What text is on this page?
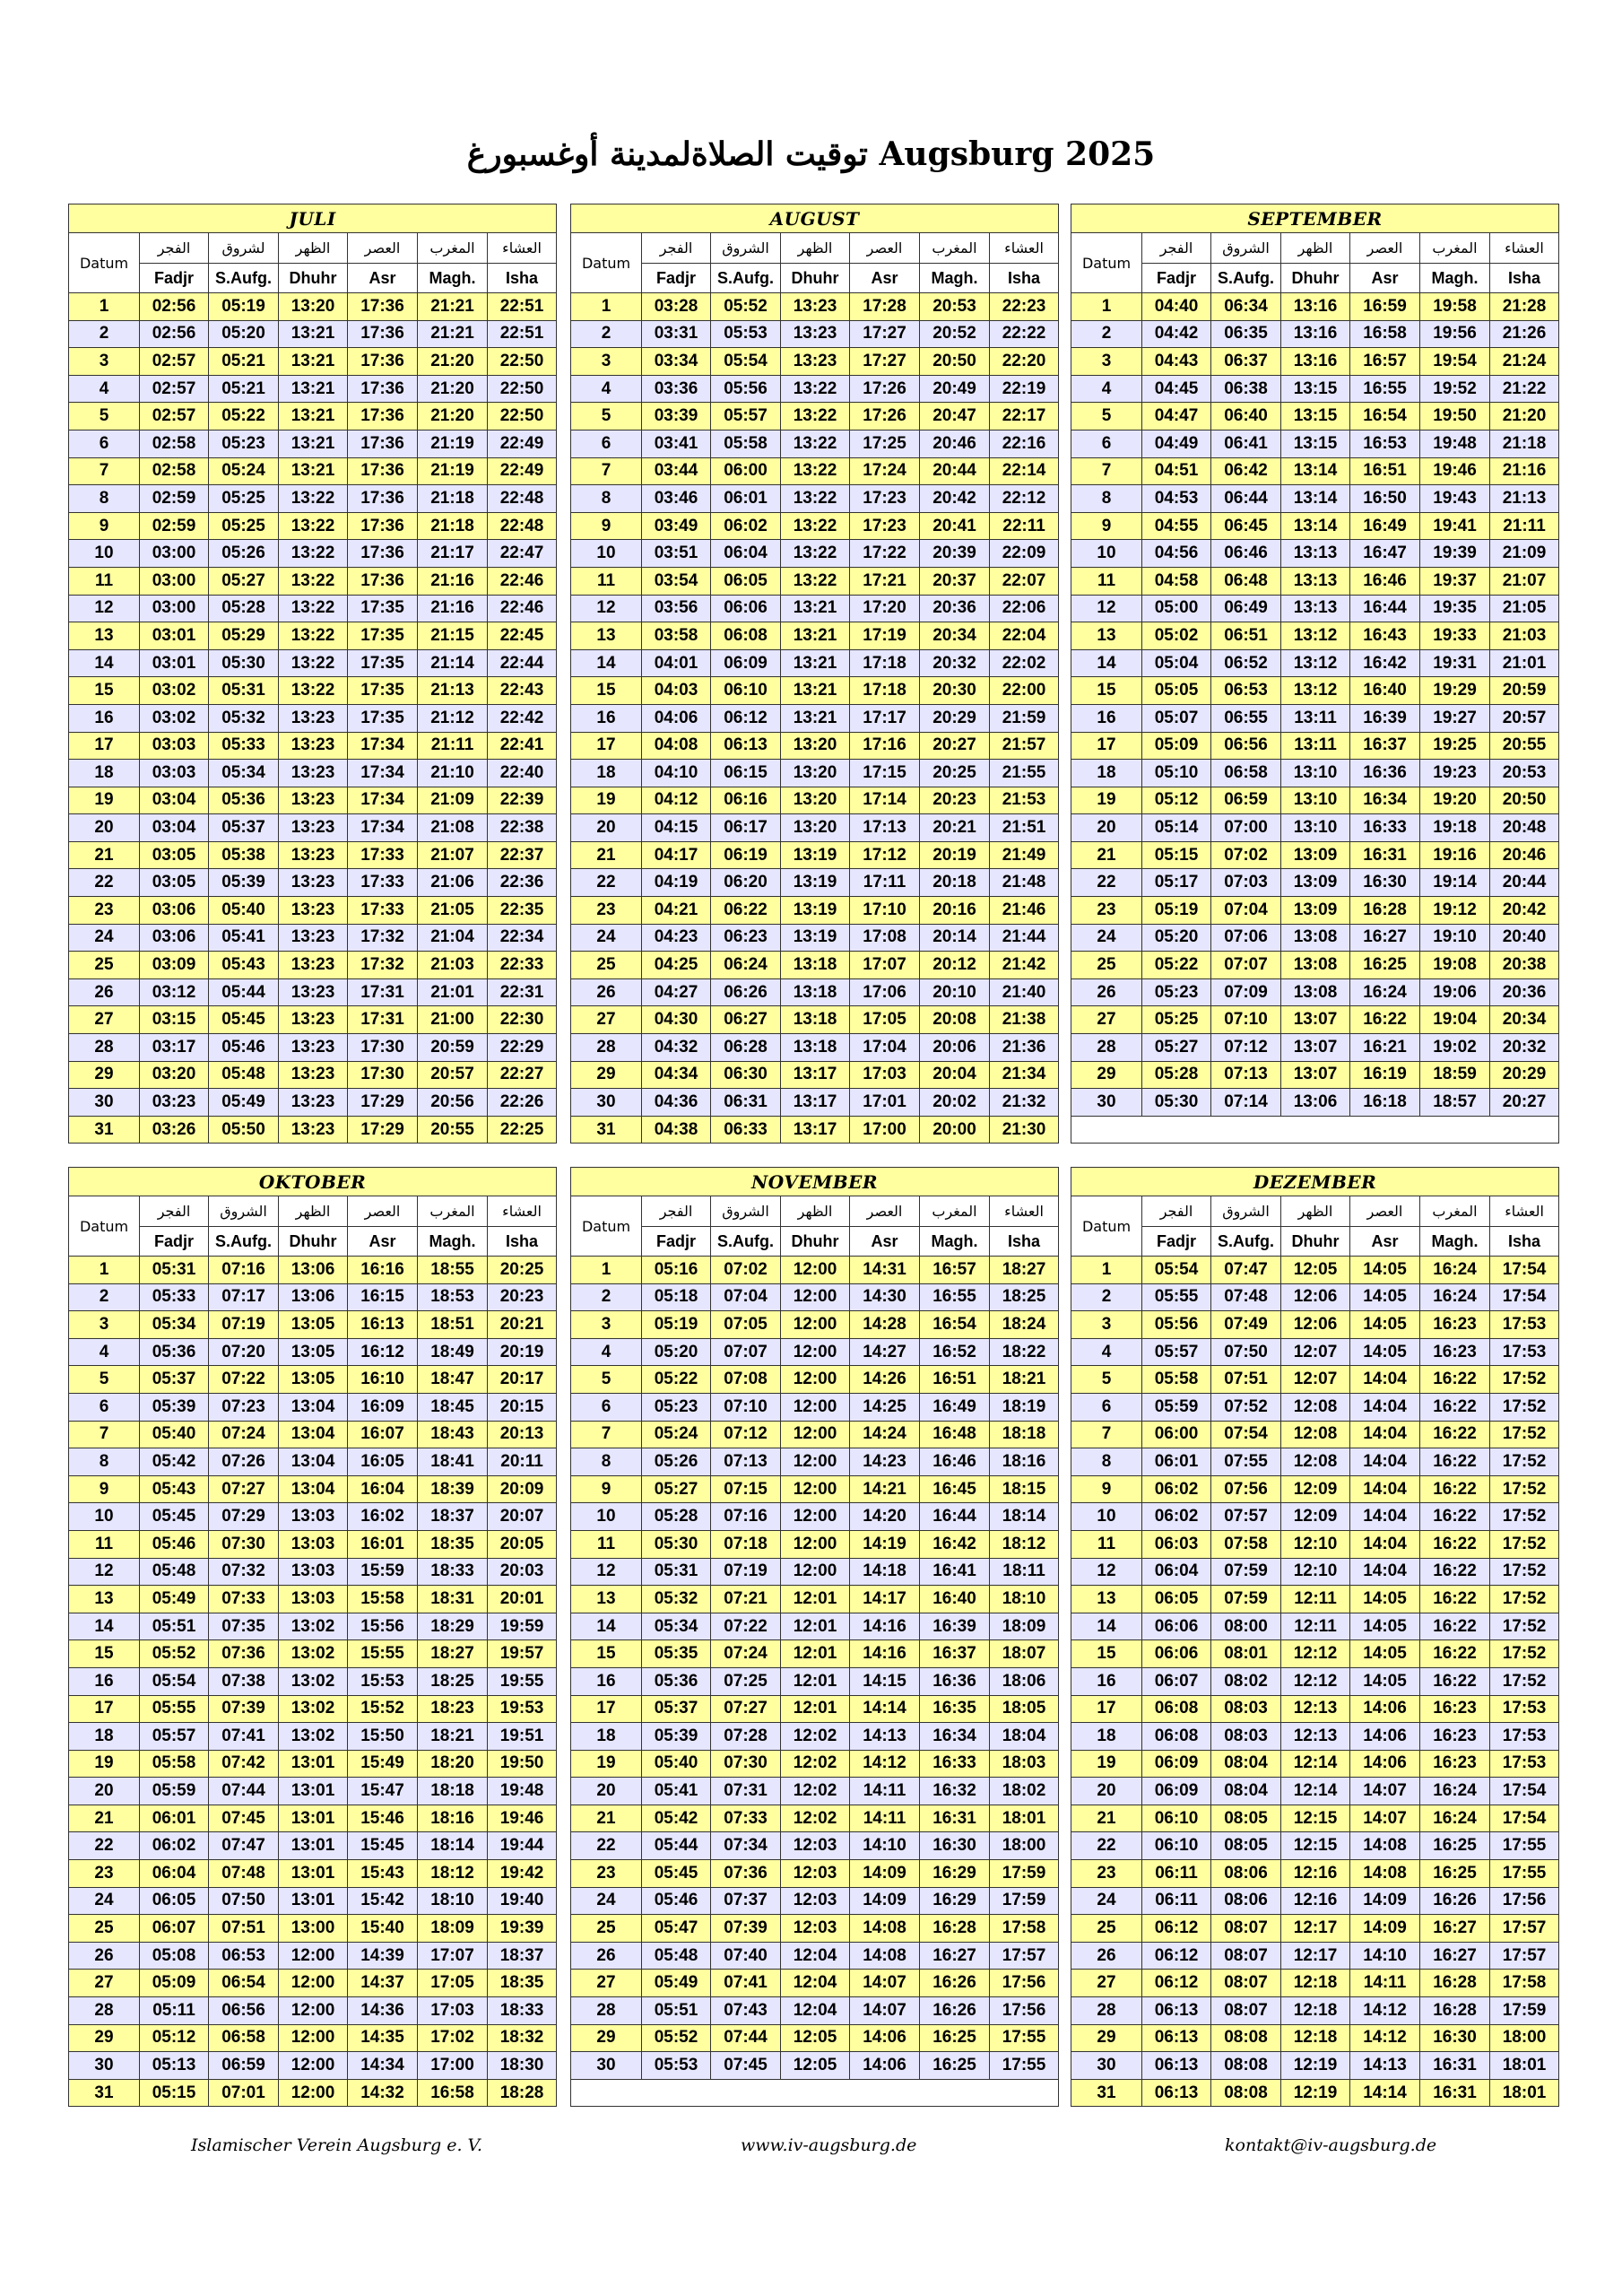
توقيت الصلاةلمدينة أوغسبورغ Augsburg 2025
JULI						
Datum	الفجر	لشروق	الظهر	العصر	المغرب	العشاء
	Fadjr	S.Aufg.	Dhuhr	Asr	Magh.	Isha
1	02:56	05:19	13:20	17:36	21:21	22:51
2	02:56	05:20	13:21	17:36	21:21	22:51
3	02:57	05:21	13:21	17:36	21:20	22:50
4	02:57	05:21	13:21	17:36	21:20	22:50
5	02:57	05:22	13:21	17:36	21:20	22:50
6	02:58	05:23	13:21	17:36	21:19	22:49
7	02:58	05:24	13:21	17:36	21:19	22:49
8	02:59	05:25	13:22	17:36	21:18	22:48
9	02:59	05:25	13:22	17:36	21:18	22:48
10	03:00	05:26	13:22	17:36	21:17	22:47
11	03:00	05:27	13:22	17:36	21:16	22:46
12	03:00	05:28	13:22	17:35	21:16	22:46
13	03:01	05:29	13:22	17:35	21:15	22:45
14	03:01	05:30	13:22	17:35	21:14	22:44
15	03:02	05:31	13:22	17:35	21:13	22:43
16	03:02	05:32	13:23	17:35	21:12	22:42
17	03:03	05:33	13:23	17:34	21:11	22:41
18	03:03	05:34	13:23	17:34	21:10	22:40
19	03:04	05:36	13:23	17:34	21:09	22:39
20	03:04	05:37	13:23	17:34	21:08	22:38
21	03:05	05:38	13:23	17:33	21:07	22:37
22	03:05	05:39	13:23	17:33	21:06	22:36
23	03:06	05:40	13:23	17:33	21:05	22:35
24	03:06	05:41	13:23	17:32	21:04	22:34
25	03:09	05:43	13:23	17:32	21:03	22:33
26	03:12	05:44	13:23	17:31	21:01	22:31
27	03:15	05:45	13:23	17:31	21:00	22:30
28	03:17	05:46	13:23	17:30	20:59	22:29
29	03:20	05:48	13:23	17:30	20:57	22:27
30	03:23	05:49	13:23	17:29	20:56	22:26
31	03:26	05:50	13:23	17:29	20:55	22:25
AUGUST						
Datum	الفجر	الشروق	الظهر	العصر	المغرب	العشاء
	Fadjr	S.Aufg.	Dhuhr	Asr	Magh.	Isha
1	03:28	05:52	13:23	17:28	20:53	22:23
2	03:31	05:53	13:23	17:27	20:52	22:22
3	03:34	05:54	13:23	17:27	20:50	22:20
4	03:36	05:56	13:22	17:26	20:49	22:19
5	03:39	05:57	13:22	17:26	20:47	22:17
6	03:41	05:58	13:22	17:25	20:46	22:16
7	03:44	06:00	13:22	17:24	20:44	22:14
8	03:46	06:01	13:22	17:23	20:42	22:12
9	03:49	06:02	13:22	17:23	20:41	22:11
10	03:51	06:04	13:22	17:22	20:39	22:09
11	03:54	06:05	13:22	17:21	20:37	22:07
12	03:56	06:06	13:21	17:20	20:36	22:06
13	03:58	06:08	13:21	17:19	20:34	22:04
14	04:01	06:09	13:21	17:18	20:32	22:02
15	04:03	06:10	13:21	17:18	20:30	22:00
16	04:06	06:12	13:21	17:17	20:29	21:59
17	04:08	06:13	13:20	17:16	20:27	21:57
18	04:10	06:15	13:20	17:15	20:25	21:55
19	04:12	06:16	13:20	17:14	20:23	21:53
20	04:15	06:17	13:20	17:13	20:21	21:51
21	04:17	06:19	13:19	17:12	20:19	21:49
22	04:19	06:20	13:19	17:11	20:18	21:48
23	04:21	06:22	13:19	17:10	20:16	21:46
24	04:23	06:23	13:19	17:08	20:14	21:44
25	04:25	06:24	13:18	17:07	20:12	21:42
26	04:27	06:26	13:18	17:06	20:10	21:40
27	04:30	06:27	13:18	17:05	20:08	21:38
28	04:32	06:28	13:18	17:04	20:06	21:36
29	04:34	06:30	13:17	17:03	20:04	21:34
30	04:36	06:31	13:17	17:01	20:02	21:32
31	04:38	06:33	13:17	17:00	20:00	21:30
SEPTEMBER						
Datum	الفجر	الشروق	الظهر	العصر	المغرب	العشاء
	Fadjr	S.Aufg.	Dhuhr	Asr	Magh.	Isha
1	04:40	06:34	13:16	16:59	19:58	21:28
2	04:42	06:35	13:16	16:58	19:56	21:26
3	04:43	06:37	13:16	16:57	19:54	21:24
4	04:45	06:38	13:15	16:55	19:52	21:22
5	04:47	06:40	13:15	16:54	19:50	21:20
6	04:49	06:41	13:15	16:53	19:48	21:18
7	04:51	06:42	13:14	16:51	19:46	21:16
8	04:53	06:44	13:14	16:50	19:43	21:13
9	04:55	06:45	13:14	16:49	19:41	21:11
10	04:56	06:46	13:13	16:47	19:39	21:09
11	04:58	06:48	13:13	16:46	19:37	21:07
12	05:00	06:49	13:13	16:44	19:35	21:05
13	05:02	06:51	13:12	16:43	19:33	21:03
14	05:04	06:52	13:12	16:42	19:31	21:01
15	05:05	06:53	13:12	16:40	19:29	20:59
16	05:07	06:55	13:11	16:39	19:27	20:57
17	05:09	06:56	13:11	16:37	19:25	20:55
18	05:10	06:58	13:10	16:36	19:23	20:53
19	05:12	06:59	13:10	16:34	19:20	20:50
20	05:14	07:00	13:10	16:33	19:18	20:48
21	05:15	07:02	13:09	16:31	19:16	20:46
22	05:17	07:03	13:09	16:30	19:14	20:44
23	05:19	07:04	13:09	16:28	19:12	20:42
24	05:20	07:06	13:08	16:27	19:10	20:40
25	05:22	07:07	13:08	16:25	19:08	20:38
26	05:23	07:09	13:08	16:24	19:06	20:36
27	05:25	07:10	13:07	16:22	19:04	20:34
28	05:27	07:12	13:07	16:21	19:02	20:32
29	05:28	07:13	13:07	16:19	18:59	20:29
30	05:30	07:14	13:06	16:18	18:57	20:27

OKTOBER						
Datum	الفجر	الشروق	الظهر	العصر	المغرب	العشاء
	Fadjr	S.Aufg.	Dhuhr	Asr	Magh.	Isha
1	05:31	07:16	13:06	16:16	18:55	20:25
2	05:33	07:17	13:06	16:15	18:53	20:23
3	05:34	07:19	13:05	16:13	18:51	20:21
4	05:36	07:20	13:05	16:12	18:49	20:19
5	05:37	07:22	13:05	16:10	18:47	20:17
6	05:39	07:23	13:04	16:09	18:45	20:15
7	05:40	07:24	13:04	16:07	18:43	20:13
8	05:42	07:26	13:04	16:05	18:41	20:11
9	05:43	07:27	13:04	16:04	18:39	20:09
10	05:45	07:29	13:03	16:02	18:37	20:07
11	05:46	07:30	13:03	16:01	18:35	20:05
12	05:48	07:32	13:03	15:59	18:33	20:03
13	05:49	07:33	13:03	15:58	18:31	20:01
14	05:51	07:35	13:02	15:56	18:29	19:59
15	05:52	07:36	13:02	15:55	18:27	19:57
16	05:54	07:38	13:02	15:53	18:25	19:55
17	05:55	07:39	13:02	15:52	18:23	19:53
18	05:57	07:41	13:02	15:50	18:21	19:51
19	05:58	07:42	13:01	15:49	18:20	19:50
20	05:59	07:44	13:01	15:47	18:18	19:48
21	06:01	07:45	13:01	15:46	18:16	19:46
22	06:02	07:47	13:01	15:45	18:14	19:44
23	06:04	07:48	13:01	15:43	18:12	19:42
24	06:05	07:50	13:01	15:42	18:10	19:40
25	06:07	07:51	13:00	15:40	18:09	19:39
26	05:08	06:53	12:00	14:39	17:07	18:37
27	05:09	06:54	12:00	14:37	17:05	18:35
28	05:11	06:56	12:00	14:36	17:03	18:33
29	05:12	06:58	12:00	14:35	17:02	18:32
30	05:13	06:59	12:00	14:34	17:00	18:30
31	05:15	07:01	12:00	14:32	16:58	18:28
NOVEMBER						
Datum	الفجر	الشروق	الظهر	العصر	المغرب	العشاء
	Fadjr	S.Aufg.	Dhuhr	Asr	Magh.	Isha
1	05:16	07:02	12:00	14:31	16:57	18:27
2	05:18	07:04	12:00	14:30	16:55	18:25
3	05:19	07:05	12:00	14:28	16:54	18:24
4	05:20	07:07	12:00	14:27	16:52	18:22
5	05:22	07:08	12:00	14:26	16:51	18:21
6	05:23	07:10	12:00	14:25	16:49	18:19
7	05:24	07:12	12:00	14:24	16:48	18:18
8	05:26	07:13	12:00	14:23	16:46	18:16
9	05:27	07:15	12:00	14:21	16:45	18:15
10	05:28	07:16	12:00	14:20	16:44	18:14
11	05:30	07:18	12:00	14:19	16:42	18:12
12	05:31	07:19	12:00	14:18	16:41	18:11
13	05:32	07:21	12:01	14:17	16:40	18:10
14	05:34	07:22	12:01	14:16	16:39	18:09
15	05:35	07:24	12:01	14:16	16:37	18:07
16	05:36	07:25	12:01	14:15	16:36	18:06
17	05:37	07:27	12:01	14:14	16:35	18:05
18	05:39	07:28	12:02	14:13	16:34	18:04
19	05:40	07:30	12:02	14:12	16:33	18:03
20	05:41	07:31	12:02	14:11	16:32	18:02
21	05:42	07:33	12:02	14:11	16:31	18:01
22	05:44	07:34	12:03	14:10	16:30	18:00
23	05:45	07:36	12:03	14:09	16:29	17:59
24	05:46	07:37	12:03	14:09	16:29	17:59
25	05:47	07:39	12:03	14:08	16:28	17:58
26	05:48	07:40	12:04	14:08	16:27	17:57
27	05:49	07:41	12:04	14:07	16:26	17:56
28	05:51	07:43	12:04	14:07	16:26	17:56
29	05:52	07:44	12:05	14:06	16:25	17:55
30	05:53	07:45	12:05	14:06	16:25	17:55

DEZEMBER						
Datum	الفجر	الشروق	الظهر	العصر	المغرب	العشاء
	Fadjr	S.Aufg.	Dhuhr	Asr	Magh.	Isha
1	05:54	07:47	12:05	14:05	16:24	17:54
2	05:55	07:48	12:06	14:05	16:24	17:54
3	05:56	07:49	12:06	14:05	16:23	17:53
4	05:57	07:50	12:07	14:05	16:23	17:53
5	05:58	07:51	12:07	14:04	16:22	17:52
6	05:59	07:52	12:08	14:04	16:22	17:52
7	06:00	07:54	12:08	14:04	16:22	17:52
8	06:01	07:55	12:08	14:04	16:22	17:52
9	06:02	07:56	12:09	14:04	16:22	17:52
10	06:02	07:57	12:09	14:04	16:22	17:52
11	06:03	07:58	12:10	14:04	16:22	17:52
12	06:04	07:59	12:10	14:04	16:22	17:52
13	06:05	07:59	12:11	14:05	16:22	17:52
14	06:06	08:00	12:11	14:05	16:22	17:52
15	06:06	08:01	12:12	14:05	16:22	17:52
16	06:07	08:02	12:12	14:05	16:22	17:52
17	06:08	08:03	12:13	14:06	16:23	17:53
18	06:08	08:03	12:13	14:06	16:23	17:53
19	06:09	08:04	12:14	14:06	16:23	17:53
20	06:09	08:04	12:14	14:07	16:24	17:54
21	06:10	08:05	12:15	14:07	16:24	17:54
22	06:10	08:05	12:15	14:08	16:25	17:55
23	06:11	08:06	12:16	14:08	16:25	17:55
24	06:11	08:06	12:16	14:09	16:26	17:56
25	06:12	08:07	12:17	14:09	16:27	17:57
26	06:12	08:07	12:17	14:10	16:27	17:57
27	06:12	08:07	12:18	14:11	16:28	17:58
28	06:13	08:07	12:18	14:12	16:28	17:59
29	06:13	08:08	12:18	14:12	16:30	18:00
30	06:13	08:08	12:19	14:13	16:31	18:01
31	06:13	08:08	12:19	14:14	16:31	18:01
Islamischer Verein Augsburg e. V.	www.iv-augsburg.de	kontakt@iv-augsburg.de
